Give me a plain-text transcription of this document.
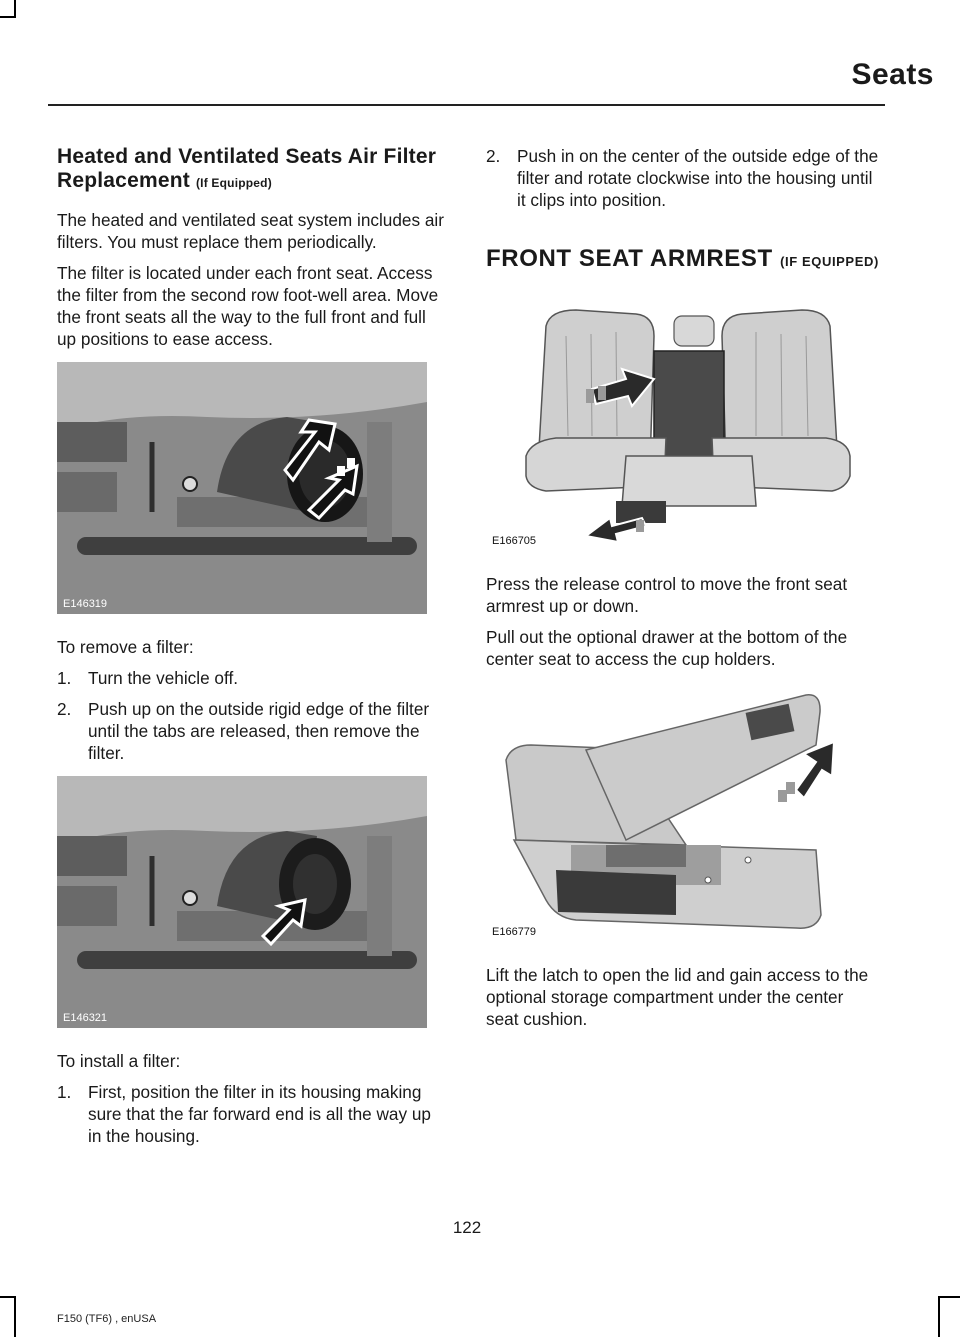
Seats
Heated and Ventilated Seats Air Filter Replacement (If Equipped)

The heated and ventilated seat system includes air filters. You must replace them periodically.

The filter is located under each front seat. Access the filter from the second row foot-well area. Move the front seats all the way to the full front and full up positions to ease access.

E146319

To remove a filter:

1. Turn the vehicle off.
2. Push up on the outside rigid edge of the filter until the tabs are released, then remove the filter.
E146321

To install a filter:

1. First, position the filter in its housing making sure that the far forward end is all the way up in the housing.
2. Push in on the center of the outside edge of the filter and rotate clockwise into the housing until it clips into position.
FRONT SEAT ARMREST (IF EQUIPPED)
E166705

Press the release control to move the front seat armrest up or down.

Pull out the optional drawer at the bottom of the center seat to access the cup holders.

E166779

Lift the latch to open the lid and gain access to the optional storage compartment under the center seat cushion.

122
F150 (TF6) , enUSA
